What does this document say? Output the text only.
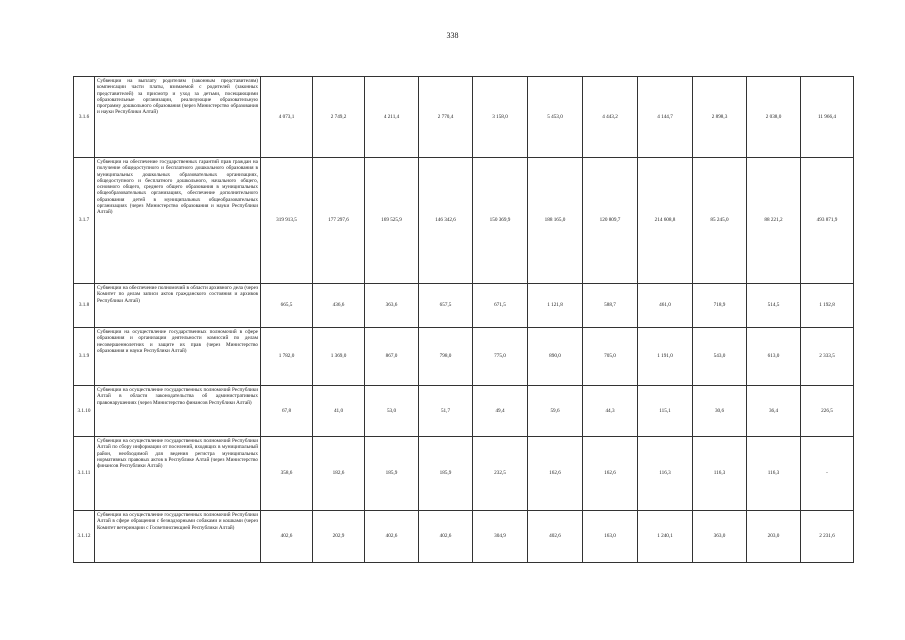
338
3.1.6	Субвенции на выплату родителям (законным представителям) компенсации части платы, взимаемой с родителей (законных представителей) за присмотр и уход за детьми, посещающими образовательные организации, реализующие образовательную программу дошкольного образования (через Министерство образования и науки Республики Алтай)	4 073,1	2 749,2	4 211,4	2 770,4	3 158,0	5 453,0	4 443,2	4 144,7	2 898,3	2 038,0	11 966,4
3.1.7	Субвенции на обеспечение государственных гарантий прав граждан на получение общедоступного и бесплатного дошкольного образования в муниципальных дошкольных образовательных организациях, общедоступного и бесплатного дошкольного, начального общего, основного общего, среднего общего образования в муниципальных общеобразовательных организациях, обеспечение дополнительного образования детей в муниципальных общеобразовательных организациях (через Министерство образования и науки Республики Алтай)	319 913,5	177 297,6	169 525,9	146 342,6	150 369,9	188 165,0	120 809,7	214 608,8	85 245,0	88 221,2	493 871,9
3.1.8	Субвенции на обеспечение полномочий в области архивного дела (через Комитет по делам записи актов гражданского состояния и архивов Республики Алтай)	665,5	436,6	363,6	657,5	671,5	1 121,8	588,7	461,0	718,9	514,5	1 192,8
3.1.9	Субвенции на осуществление государственных полномочий в сфере образования и организации деятельности комиссий по делам несовершеннолетних и защите их прав (через Министерство образования и науки Республики Алтай)	1 782,0	1 369,0	867,0	798,0	775,0	890,0	705,0	1 191,0	543,0	613,0	2 333,5
3.1.10	Субвенции на осуществление государственных полномочий Республики Алтай в области законодательства об административных правонарушениях (через Министерство финансов Республики Алтай)	67,8	41,0	53,0	51,7	49,4	59,6	44,3	115,1	30,6	36,4	226,5
3.1.11	Субвенции на осуществление государственных полномочий Республики Алтай по сбору информации от поселений, входящих в муниципальный район, необходимой для ведения регистра муниципальных нормативных правовых актов в Республике Алтай (через Министерство финансов Республики Алтай)	358,6	182,6	185,9	185,9	232,5	162,6	162,6	116,3	116,3	116,3	-
3.1.12	Субвенции на осуществление государственных полномочий Республики Алтай в сфере обращения с безнадзорными собаками и кошками (через Комитет ветеринарии с Госветинспекцией Республики Алтай)	402,6	202,9	402,6	402,6	304,9	402,6	163,0	1 240,1	363,0	203,0	2 231,6
